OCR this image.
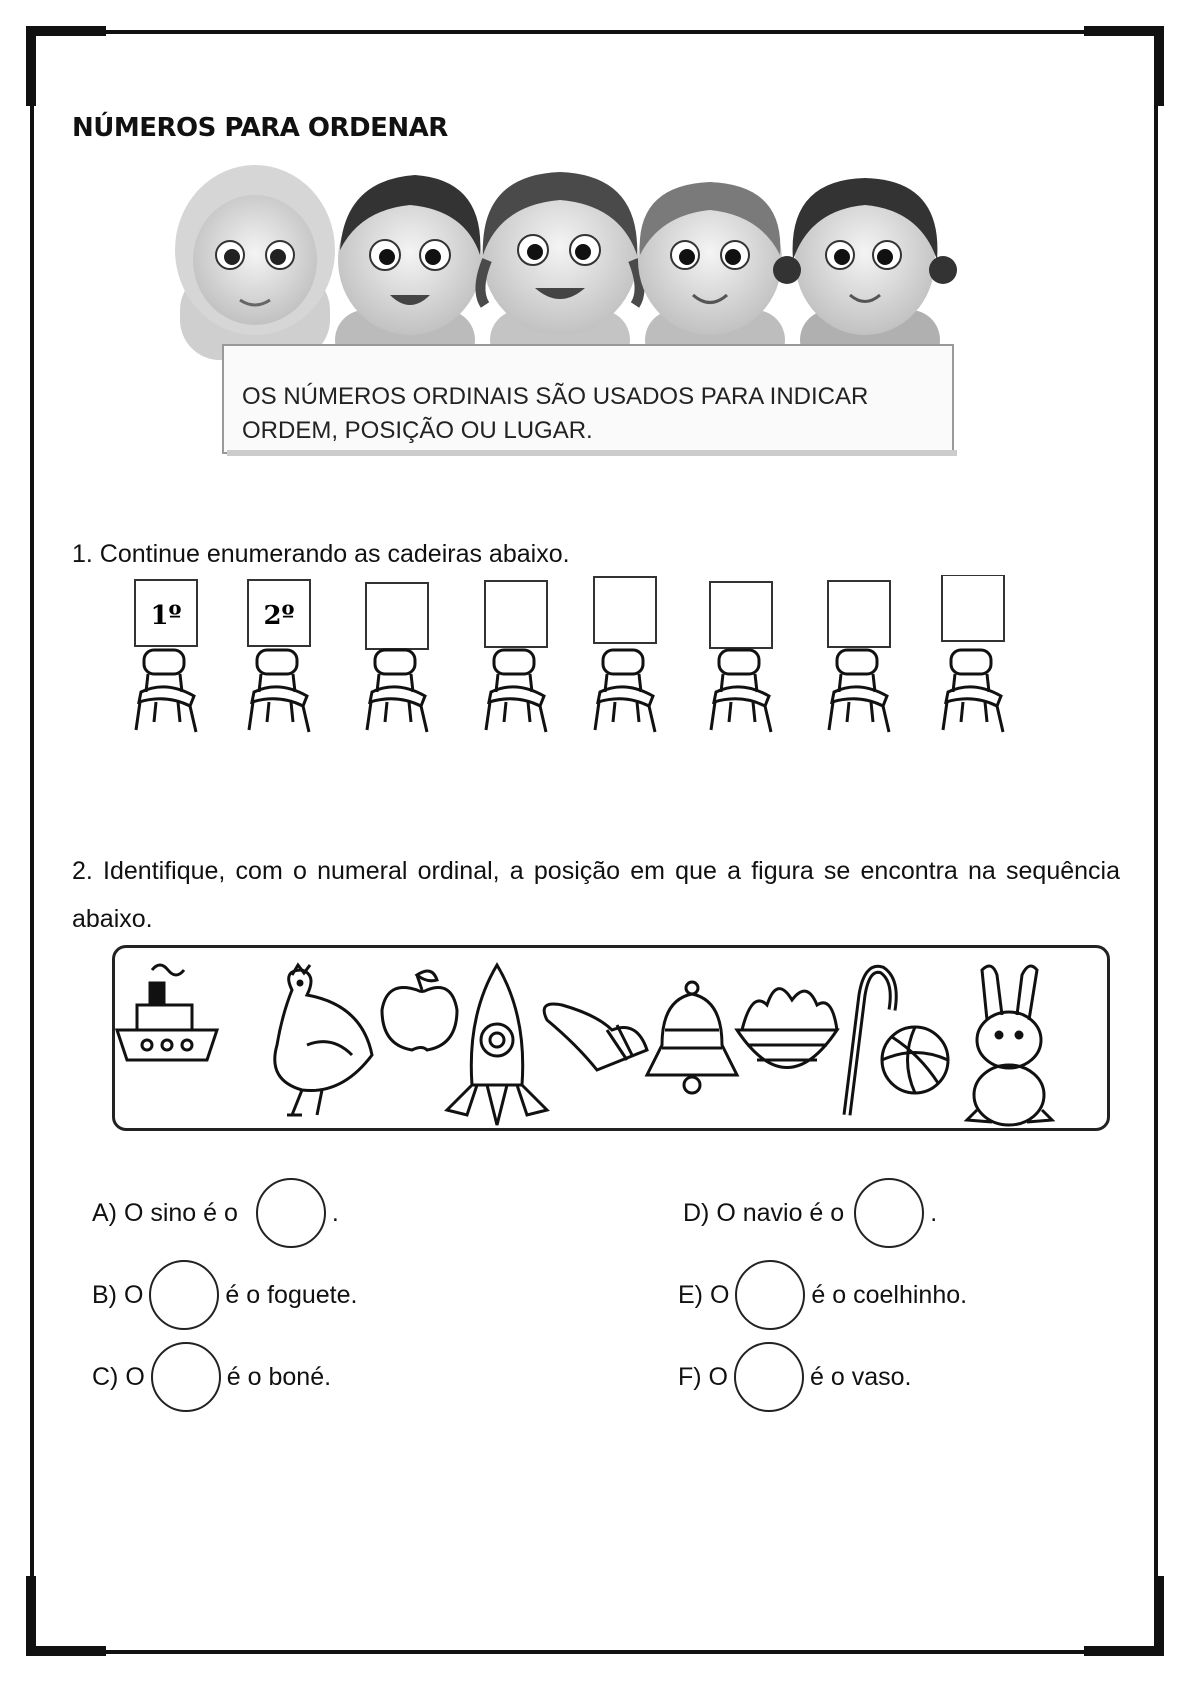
NÚMEROS PARA ORDENAR
OS NÚMEROS ORDINAIS SÃO USADOS PARA INDICAR
ORDEM, POSIÇÃO OU LUGAR.
1. Continue enumerando as cadeiras abaixo.
1º	2º
2. Identifique, com o numeral ordinal, a posição em que a figura se encontra na sequência abaixo.
A) O sino é o	.
B) O	é o foguete.
C) O	é o boné.
D) O navio é o	.
E) O	é o coelhinho.
F) O	é o vaso.
